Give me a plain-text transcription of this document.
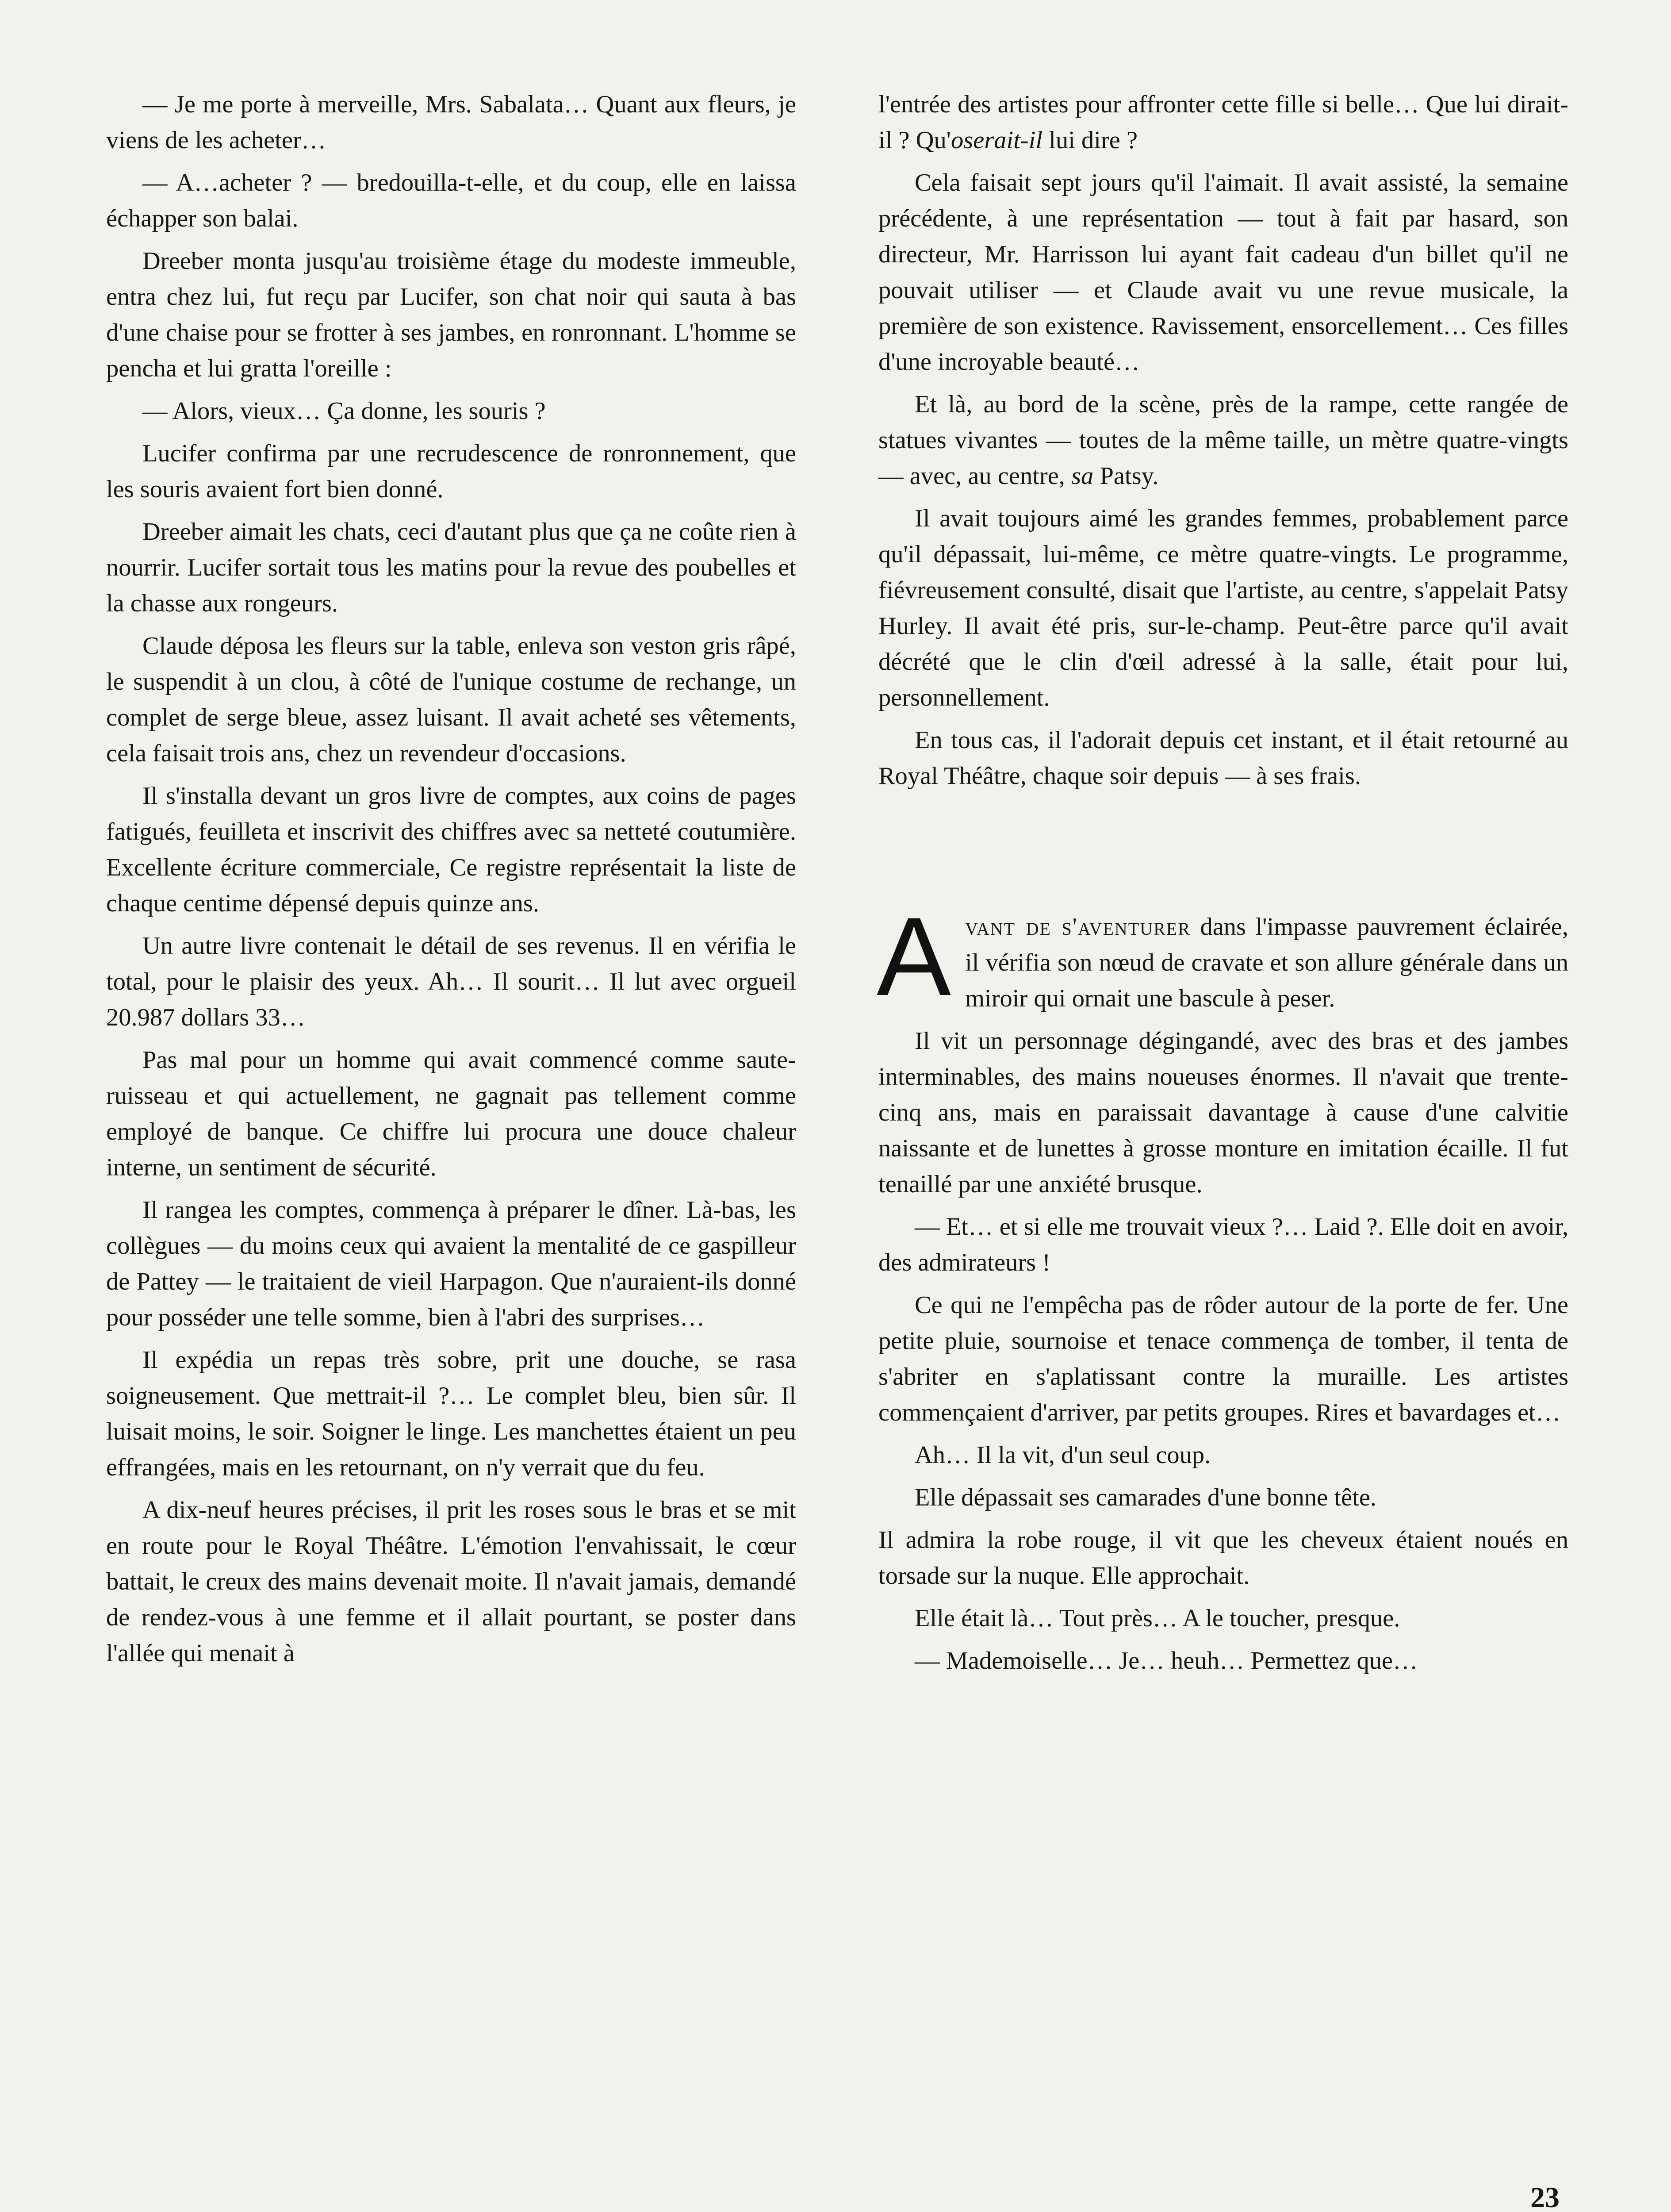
— Je me porte à merveille, Mrs. Sabalata… Quant aux fleurs, je viens de les acheter…

— A…acheter ? — bredouilla-t-elle, et du coup, elle en laissa échapper son balai.

Dreeber monta jusqu'au troisième étage du modeste immeuble, entra chez lui, fut reçu par Lucifer, son chat noir qui sauta à bas d'une chaise pour se frotter à ses jambes, en ronronnant. L'homme se pencha et lui gratta l'oreille :

— Alors, vieux… Ça donne, les souris ?

Lucifer confirma par une recrudescence de ronronnement, que les souris avaient fort bien donné.

Dreeber aimait les chats, ceci d'autant plus que ça ne coûte rien à nourrir. Lucifer sortait tous les matins pour la revue des poubelles et la chasse aux rongeurs.

Claude déposa les fleurs sur la table, enleva son veston gris râpé, le suspendit à un clou, à côté de l'unique costume de rechange, un complet de serge bleue, assez luisant. Il avait acheté ses vêtements, cela faisait trois ans, chez un revendeur d'occasions.

Il s'installa devant un gros livre de comptes, aux coins de pages fatigués, feuilleta et inscrivit des chiffres avec sa netteté coutumière. Excellente écriture commerciale, Ce registre représentait la liste de chaque centime dépensé depuis quinze ans.

Un autre livre contenait le détail de ses revenus. Il en vérifia le total, pour le plaisir des yeux. Ah… Il sourit… Il lut avec orgueil 20.987 dollars 33…

Pas mal pour un homme qui avait commencé comme saute-ruisseau et qui actuellement, ne gagnait pas tellement comme employé de banque. Ce chiffre lui procura une douce chaleur interne, un sentiment de sécurité.

Il rangea les comptes, commença à préparer le dîner. Là-bas, les collègues — du moins ceux qui avaient la mentalité de ce gaspilleur de Pattey — le traitaient de vieil Harpagon. Que n'auraient-ils donné pour posséder une telle somme, bien à l'abri des surprises…

Il expédia un repas très sobre, prit une douche, se rasa soigneusement. Que mettrait-il ?… Le complet bleu, bien sûr. Il luisait moins, le soir. Soigner le linge. Les manchettes étaient un peu effrangées, mais en les retournant, on n'y verrait que du feu.

A dix-neuf heures précises, il prit les roses sous le bras et se mit en route pour le Royal Théâtre. L'émotion l'envahissait, le cœur battait, le creux des mains devenait moite. Il n'avait jamais, demandé de rendez-vous à une femme et il allait pourtant, se poster dans l'allée qui menait à

l'entrée des artistes pour affronter cette fille si belle… Que lui dirait-il ? Qu'oserait-il lui dire ?

Cela faisait sept jours qu'il l'aimait. Il avait assisté, la semaine précédente, à une représentation — tout à fait par hasard, son directeur, Mr. Harrisson lui ayant fait cadeau d'un billet qu'il ne pouvait utiliser — et Claude avait vu une revue musicale, la première de son existence. Ravissement, ensorcellement… Ces filles d'une incroyable beauté…

Et là, au bord de la scène, près de la rampe, cette rangée de statues vivantes — toutes de la même taille, un mètre quatre-vingts — avec, au centre, sa Patsy.

Il avait toujours aimé les grandes femmes, probablement parce qu'il dépassait, lui-même, ce mètre quatre-vingts. Le programme, fiévreusement consulté, disait que l'artiste, au centre, s'appelait Patsy Hurley. Il avait été pris, sur-le-champ. Peut-être parce qu'il avait décrété que le clin d'œil adressé à la salle, était pour lui, personnellement.

En tous cas, il l'adorait depuis cet instant, et il était retourné au Royal Théâtre, chaque soir depuis — à ses frais.

Avant de s'aventurer dans l'impasse pauvrement éclairée, il vérifia son nœud de cravate et son allure générale dans un miroir qui ornait une bascule à peser.

Il vit un personnage dégingandé, avec des bras et des jambes interminables, des mains noueuses énormes. Il n'avait que trente-cinq ans, mais en paraissait davantage à cause d'une calvitie naissante et de lunettes à grosse monture en imitation écaille. Il fut tenaillé par une anxiété brusque.

— Et… et si elle me trouvait vieux ?… Laid ?. Elle doit en avoir, des admirateurs !

Ce qui ne l'empêcha pas de rôder autour de la porte de fer. Une petite pluie, sournoise et tenace commença de tomber, il tenta de s'abriter en s'aplatissant contre la muraille. Les artistes commençaient d'arriver, par petits groupes. Rires et bavardages et…

Ah… Il la vit, d'un seul coup.

Elle dépassait ses camarades d'une bonne tête.

Il admira la robe rouge, il vit que les cheveux étaient noués en torsade sur la nuque. Elle approchait.

Elle était là… Tout près… A le toucher, presque.

— Mademoiselle… Je… heuh… Permettez que…

23
